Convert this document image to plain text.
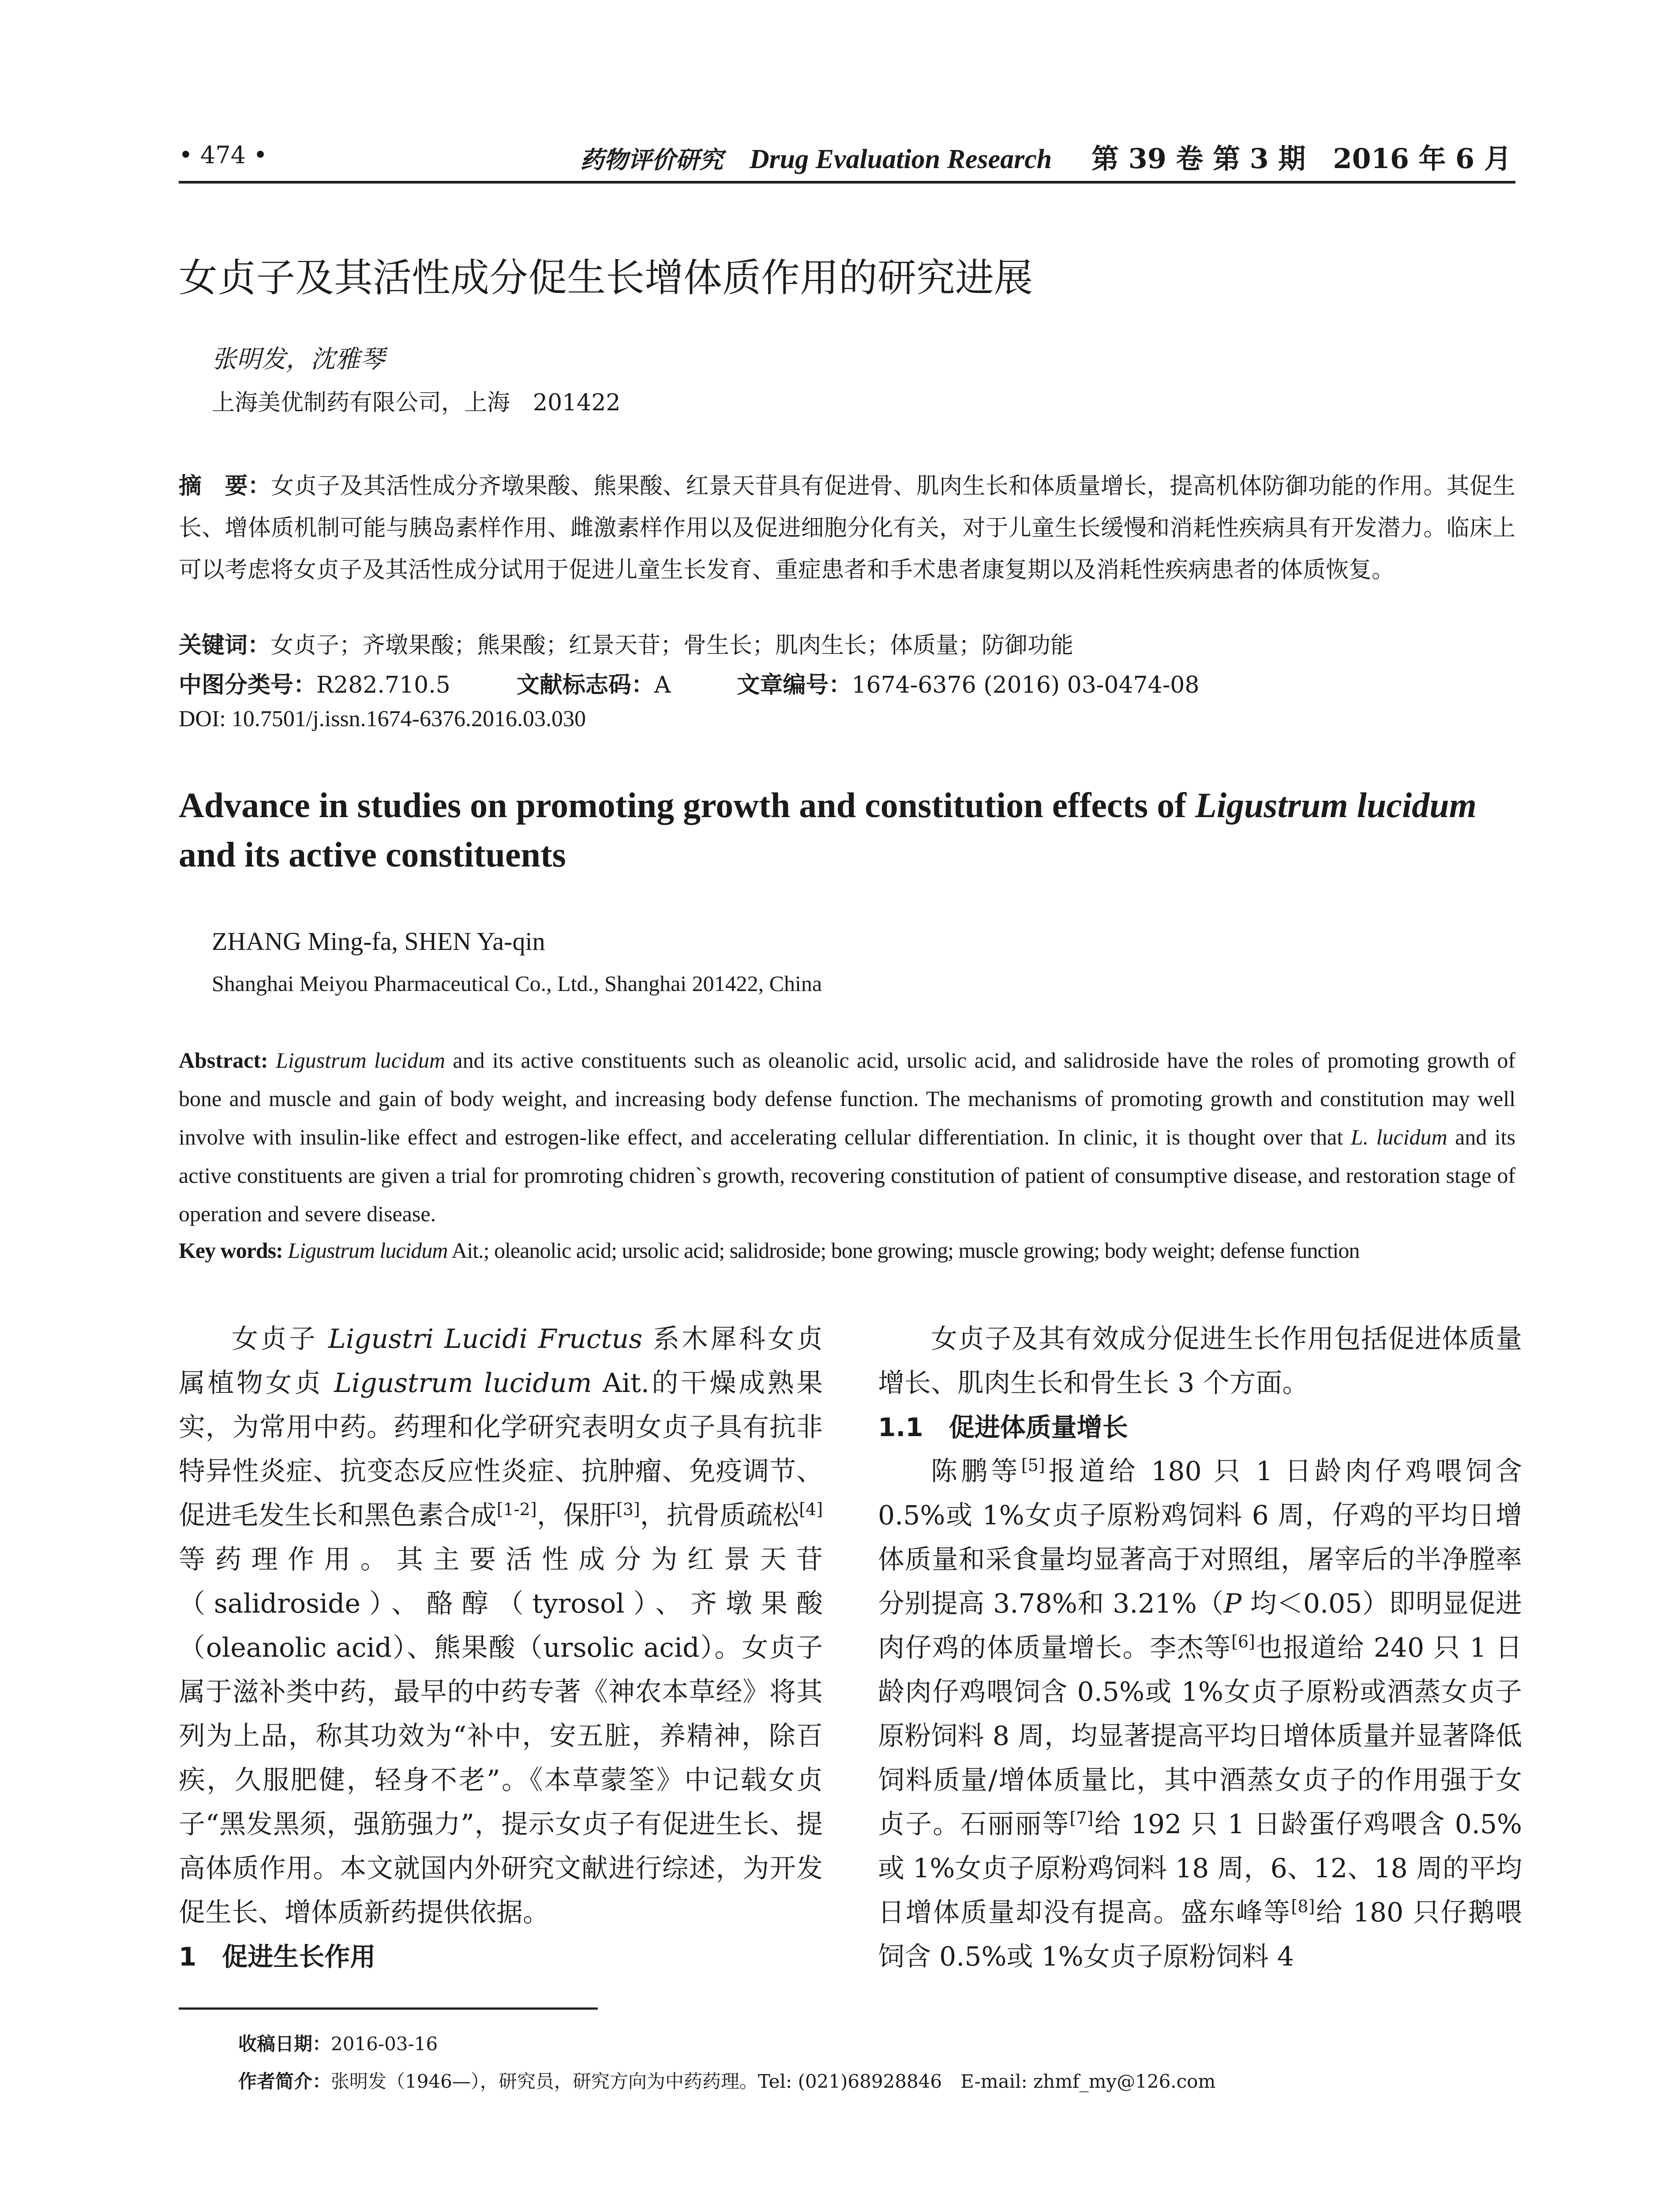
• 474 •	药物评价研究 Drug Evaluation Research 第 39 卷 第 3 期　2016 年 6 月
女贞子及其活性成分促生长增体质作用的研究进展
张明发，沈雅琴
上海美优制药有限公司，上海　201422
摘　要：女贞子及其活性成分齐墩果酸、熊果酸、红景天苷具有促进骨、肌肉生长和体质量增长，提高机体防御功能的作用。其促生长、增体质机制可能与胰岛素样作用、雌激素样作用以及促进细胞分化有关，对于儿童生长缓慢和消耗性疾病具有开发潜力。临床上可以考虑将女贞子及其活性成分试用于促进儿童生长发育、重症患者和手术患者康复期以及消耗性疾病患者的体质恢复。
关键词：女贞子；齐墩果酸；熊果酸；红景天苷；骨生长；肌肉生长；体质量；防御功能
中图分类号：R282.710.5	文献标志码：A	文章编号：1674-6376 (2016) 03-0474-08
DOI: 10.7501/j.issn.1674-6376.2016.03.030
Advance in studies on promoting growth and constitution effects of Ligustrum lucidum and its active constituents
ZHANG Ming-fa, SHEN Ya-qin
Shanghai Meiyou Pharmaceutical Co., Ltd., Shanghai 201422, China
Abstract: Ligustrum lucidum and its active constituents such as oleanolic acid, ursolic acid, and salidroside have the roles of promoting growth of bone and muscle and gain of body weight, and increasing body defense function. The mechanisms of promoting growth and constitution may well involve with insulin-like effect and estrogen-like effect, and accelerating cellular differentiation. In clinic, it is thought over that L. lucidum and its active constituents are given a trial for promroting chidren`s growth, recovering constitution of patient of consumptive disease, and restoration stage of operation and severe disease.
Key words: Ligustrum lucidum Ait.; oleanolic acid; ursolic acid; salidroside; bone growing; muscle growing; body weight; defense function

女贞子 Ligustri Lucidi Fructus 系木犀科女贞属植物女贞 Ligustrum lucidum Ait.的干燥成熟果实，为常用中药。药理和化学研究表明女贞子具有抗非特异性炎症、抗变态反应性炎症、抗肿瘤、免疫调节、促进毛发生长和黑色素合成[1-2]，保肝[3]，抗骨质疏松[4]等药理作用。其主要活性成分为红景天苷（salidroside）、酪醇（tyrosol）、齐墩果酸（oleanolic acid）、熊果酸（ursolic acid）。女贞子属于滋补类中药，最早的中药专著《神农本草经》将其列为上品，称其功效为“补中，安五脏，养精神，除百疾，久服肥健，轻身不老”。《本草蒙筌》中记载女贞子“黑发黑须，强筋强力”，提示女贞子有促进生长、提高体质作用。本文就国内外研究文献进行综述，为开发促生长、增体质新药提供依据。

1　促进生长作用

女贞子及其有效成分促进生长作用包括促进体质量增长、肌肉生长和骨生长 3 个方面。

1.1　促进体质量增长

陈鹏等[5]报道给 180 只 1 日龄肉仔鸡喂饲含 0.5%或 1%女贞子原粉鸡饲料 6 周，仔鸡的平均日增体质量和采食量均显著高于对照组，屠宰后的半净膛率分别提高 3.78%和 3.21%（P 均＜0.05）即明显促进肉仔鸡的体质量增长。李杰等[6]也报道给 240 只 1 日龄肉仔鸡喂饲含 0.5%或 1%女贞子原粉或酒蒸女贞子原粉饲料 8 周，均显著提高平均日增体质量并显著降低饲料质量/增体质量比，其中酒蒸女贞子的作用强于女贞子。石丽丽等[7]给 192 只 1 日龄蛋仔鸡喂含 0.5%或 1%女贞子原粉鸡饲料 18 周，6、12、18 周的平均日增体质量却没有提高。盛东峰等[8]给 180 只仔鹅喂饲含 0.5%或 1%女贞子原粉饲料 4

收稿日期：2016-03-16
作者简介：张明发（1946—），研究员，研究方向为中药药理。Tel: (021)68928846　E-mail: zhmf_my@126.com
